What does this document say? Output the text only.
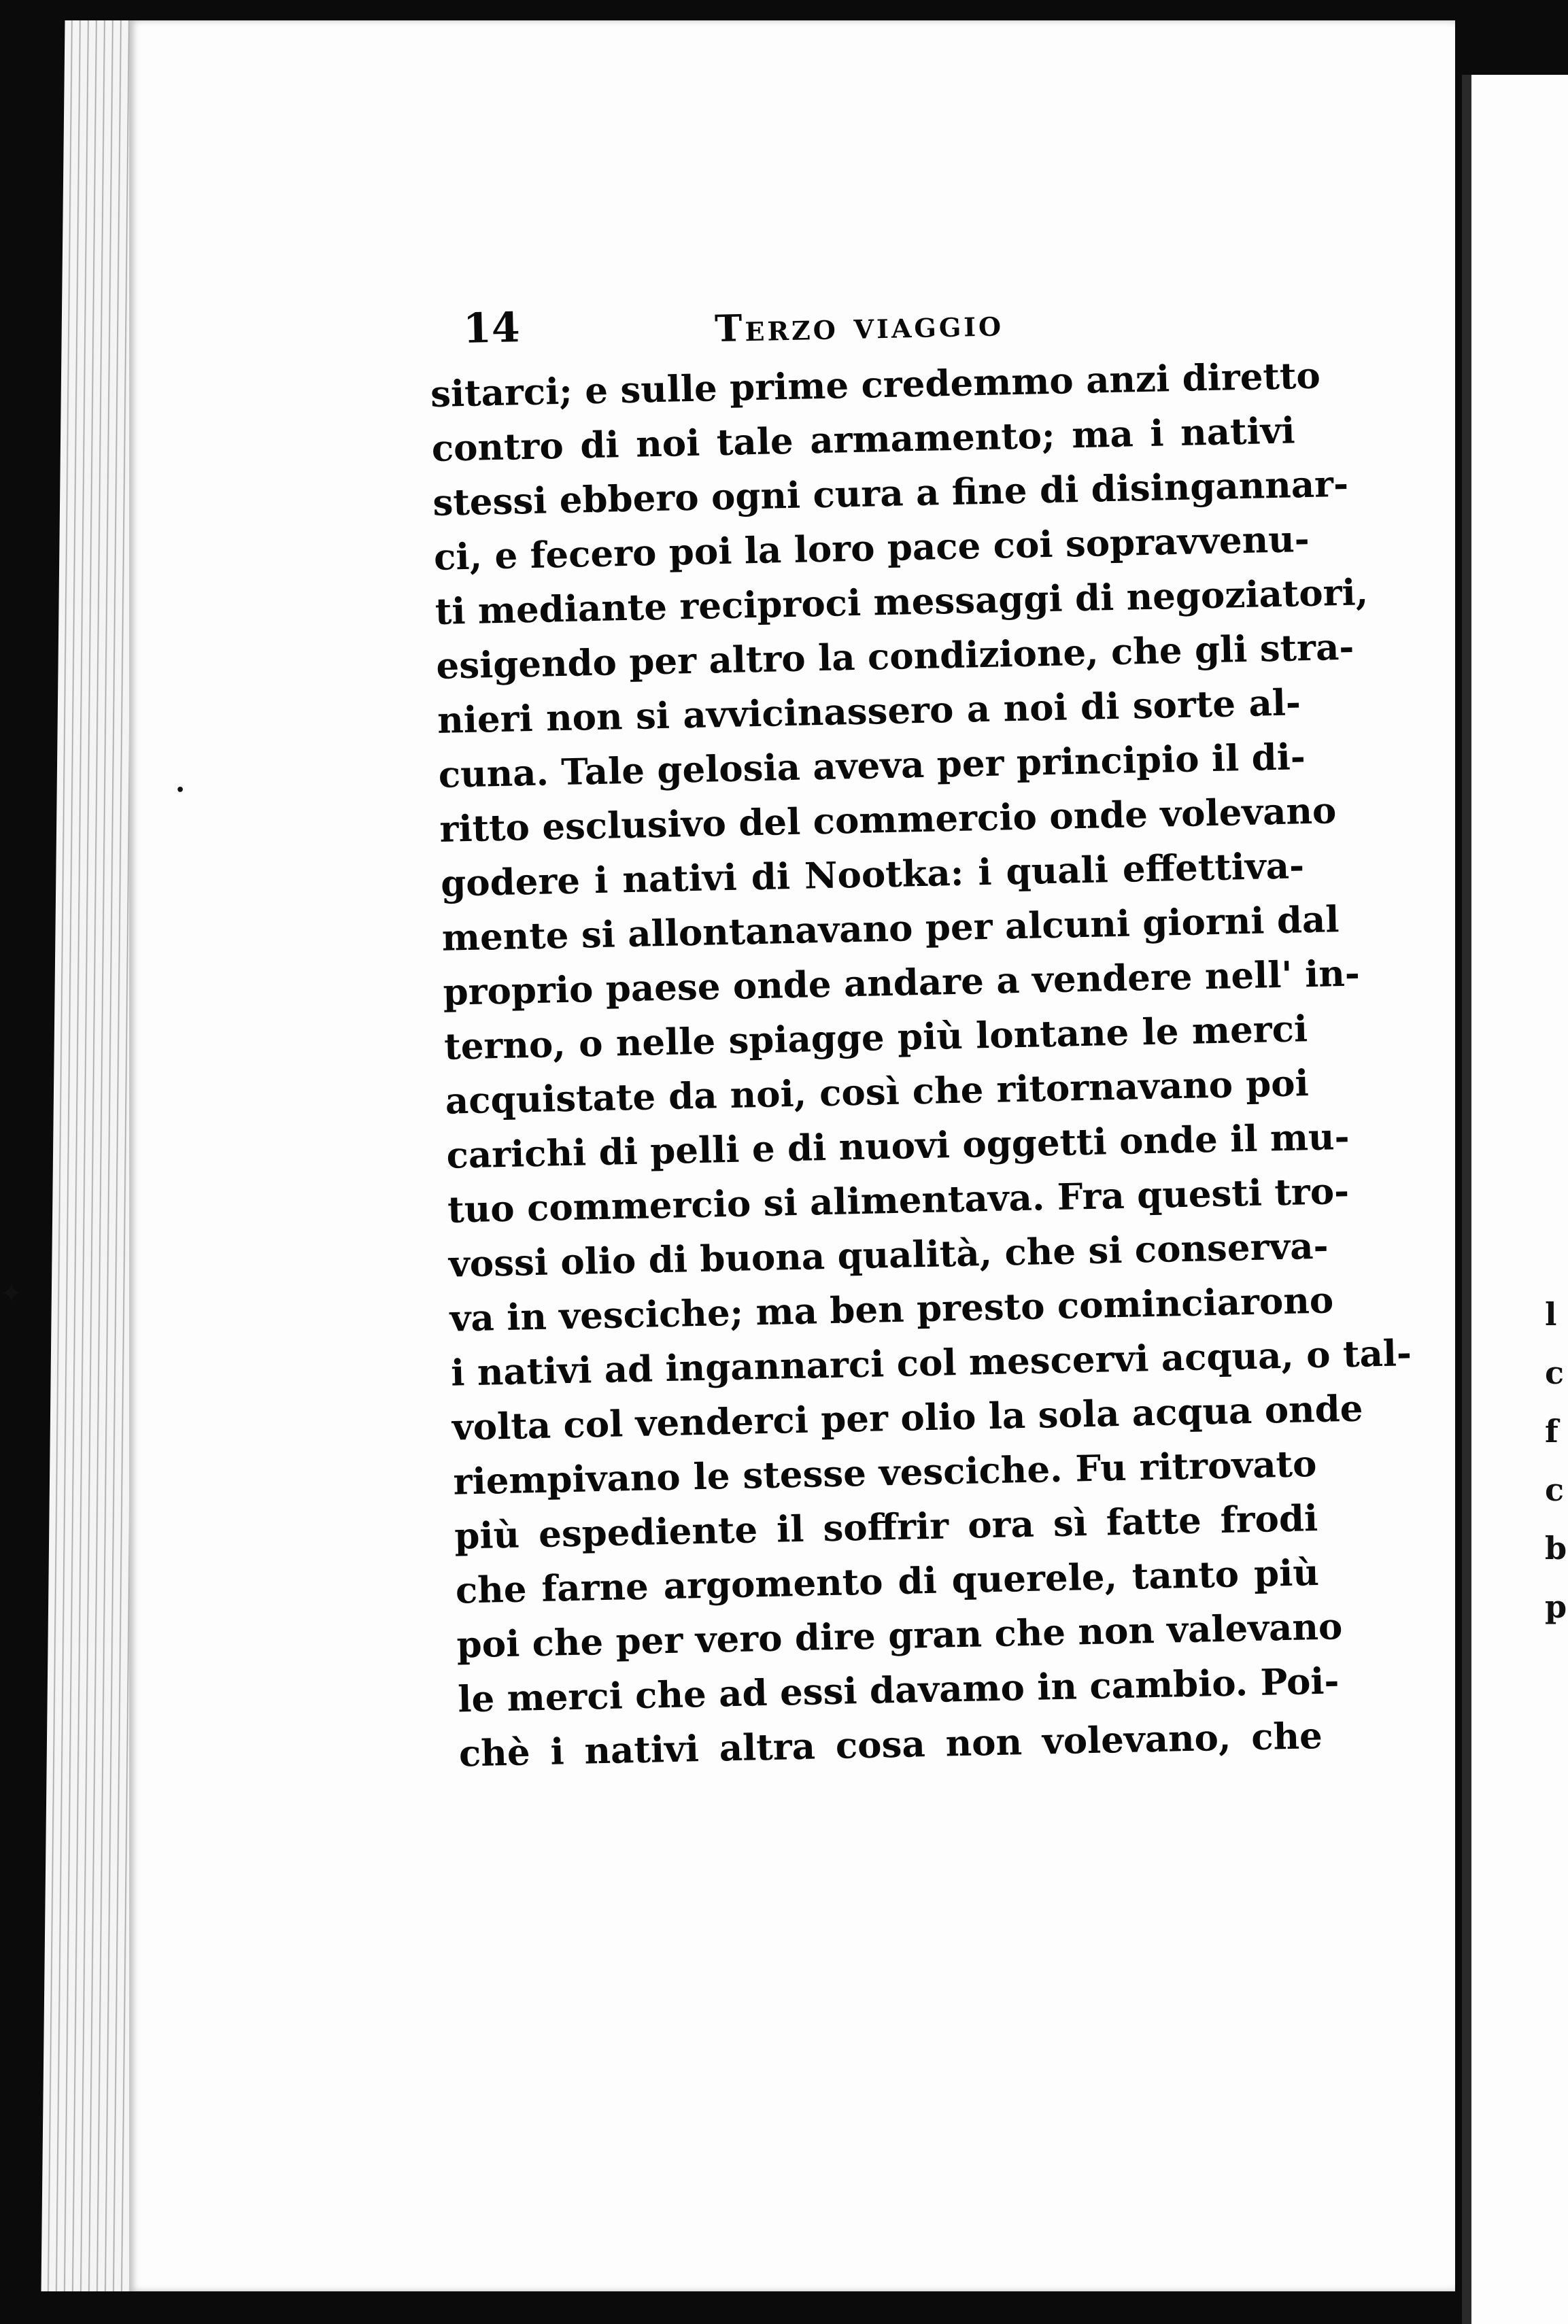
l
c
f
c
b
p
•
✦
14	Terzo viaggio
sitarci; e sulle prime credemmo anzi diretto
contro di noi tale armamento; ma i nativi
stessi ebbero ogni cura a fine di disingannar-
ci, e fecero poi la loro pace coi sopravvenu-
ti mediante reciproci messaggi di negoziatori,
esigendo per altro la condizione, che gli stra-
nieri non si avvicinassero a noi di sorte al-
cuna. Tale gelosia aveva per principio il di-
ritto esclusivo del commercio onde volevano
godere i nativi di Nootka: i quali effettiva-
mente si allontanavano per alcuni giorni dal
proprio paese onde andare a vendere nell' in-
terno, o nelle spiagge più lontane le merci
acquistate da noi, così che ritornavano poi
carichi di pelli e di nuovi oggetti onde il mu-
tuo commercio si alimentava. Fra questi tro-
vossi olio di buona qualità, che si conserva-
va in vesciche; ma ben presto cominciarono
i nativi ad ingannarci col mescervi acqua, o tal-
volta col venderci per olio la sola acqua onde
riempivano le stesse vesciche. Fu ritrovato
più espediente il soffrir ora sì fatte frodi
che farne argomento di querele, tanto più
poi che per vero dire gran che non valevano
le merci che ad essi davamo in cambio. Poi-
chè i nativi altra cosa non volevano, che
